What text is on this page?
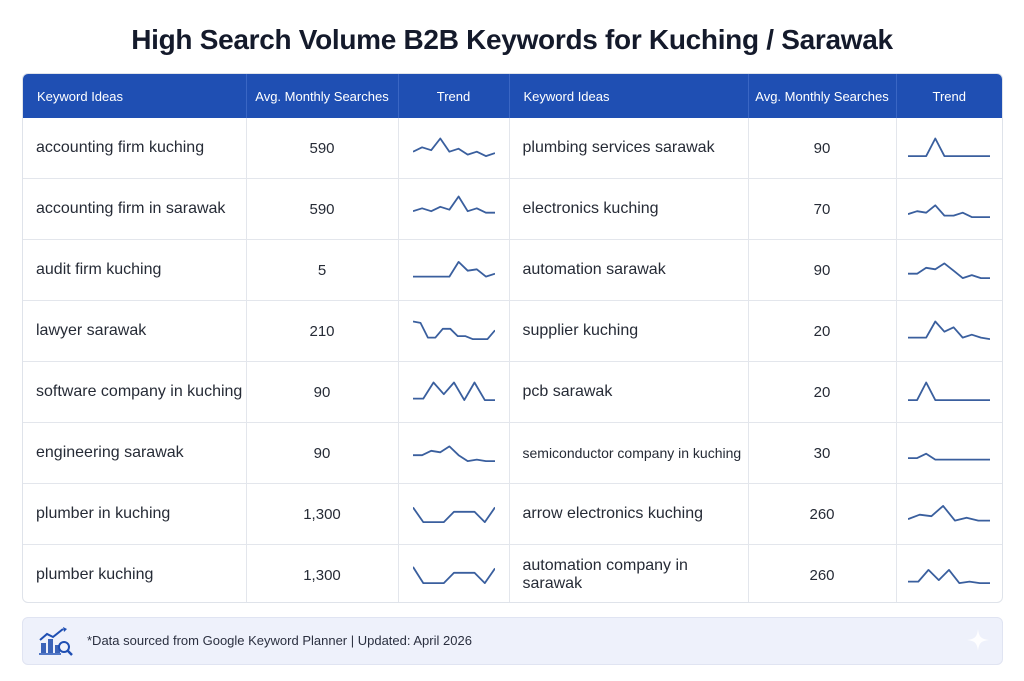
High Search Volume B2B Keywords for Kuching / Sarawak
Keyword Ideas	Avg. Monthly Searches	Trend	Keyword Ideas	Avg. Monthly Searches	Trend
accounting firm kuching	590		plumbing services sarawak	90	

accounting firm in sarawak	590		electronics kuching	70	

audit firm kuching	5		automation sarawak	90	

lawyer sarawak	210		supplier kuching	20	

software company in kuching	90		pcb sarawak	20	

engineering sarawak	90		semiconductor company in kuching	30	

plumber in kuching	1,300		arrow electronics kuching	260	

plumber kuching	1,300		automation company in sarawak	260	
*Data sourced from Google Keyword Planner | Updated: April 2026
